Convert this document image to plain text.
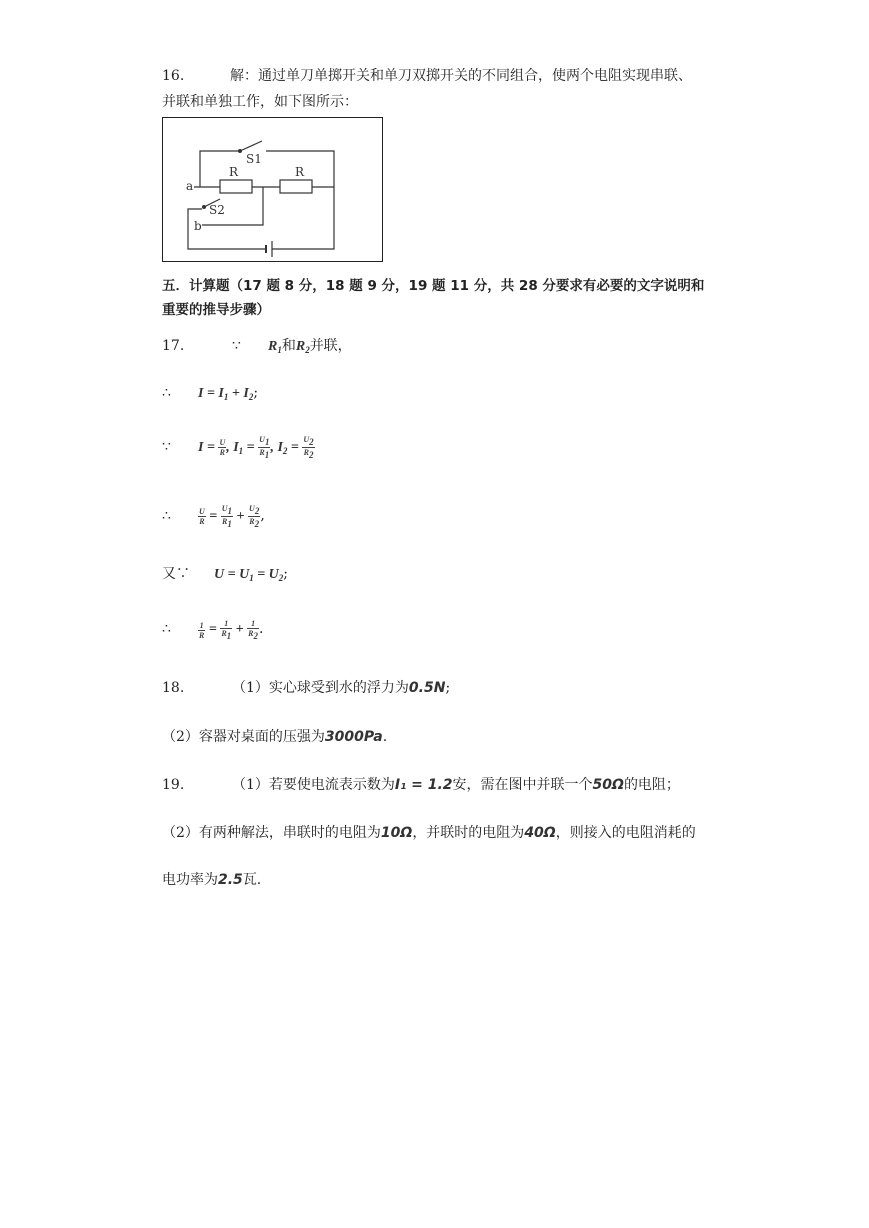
16.	解：通过单刀单掷开关和单刀双掷开关的不同组合，使两个电阻实现串联、
并联和单独工作，如下图所示：
S1
R	R
a
S2
b
五．计算题（17 题 8 分，18 题 9 分，19 题 11 分，共 28 分要求有必要的文字说明和
重要的推导步骤）
17.	∵ $R_1$和$R_2$并联，
∴ $I = I_1 + I_2$;
∵ $I = \frac{U}{R}$ , $I_1 = \frac{U_1}{R_1}$ , $I_2 = \frac{U_2}{R_2}$
∴	$\frac{U}{R} = \frac{U_1}{R_1} + \frac{U_2}{R_2}$ ,
又∵ $U = U_1 = U_2$;
∴	$\frac{1}{R} = \frac{1}{R_1} + \frac{1}{R_2}$ .
18.	（1）实心球受到水的浮力为0.5N;
（2）容器对桌面的压强为3000Pa.
19.	（1）若要使电流表示数为I₁ = 1.2安，需在图中并联一个50Ω的电阻；
（2）有两种解法，串联时的电阻为10Ω，并联时的电阻为40Ω，则接入的电阻消耗的
电功率为2.5瓦.
